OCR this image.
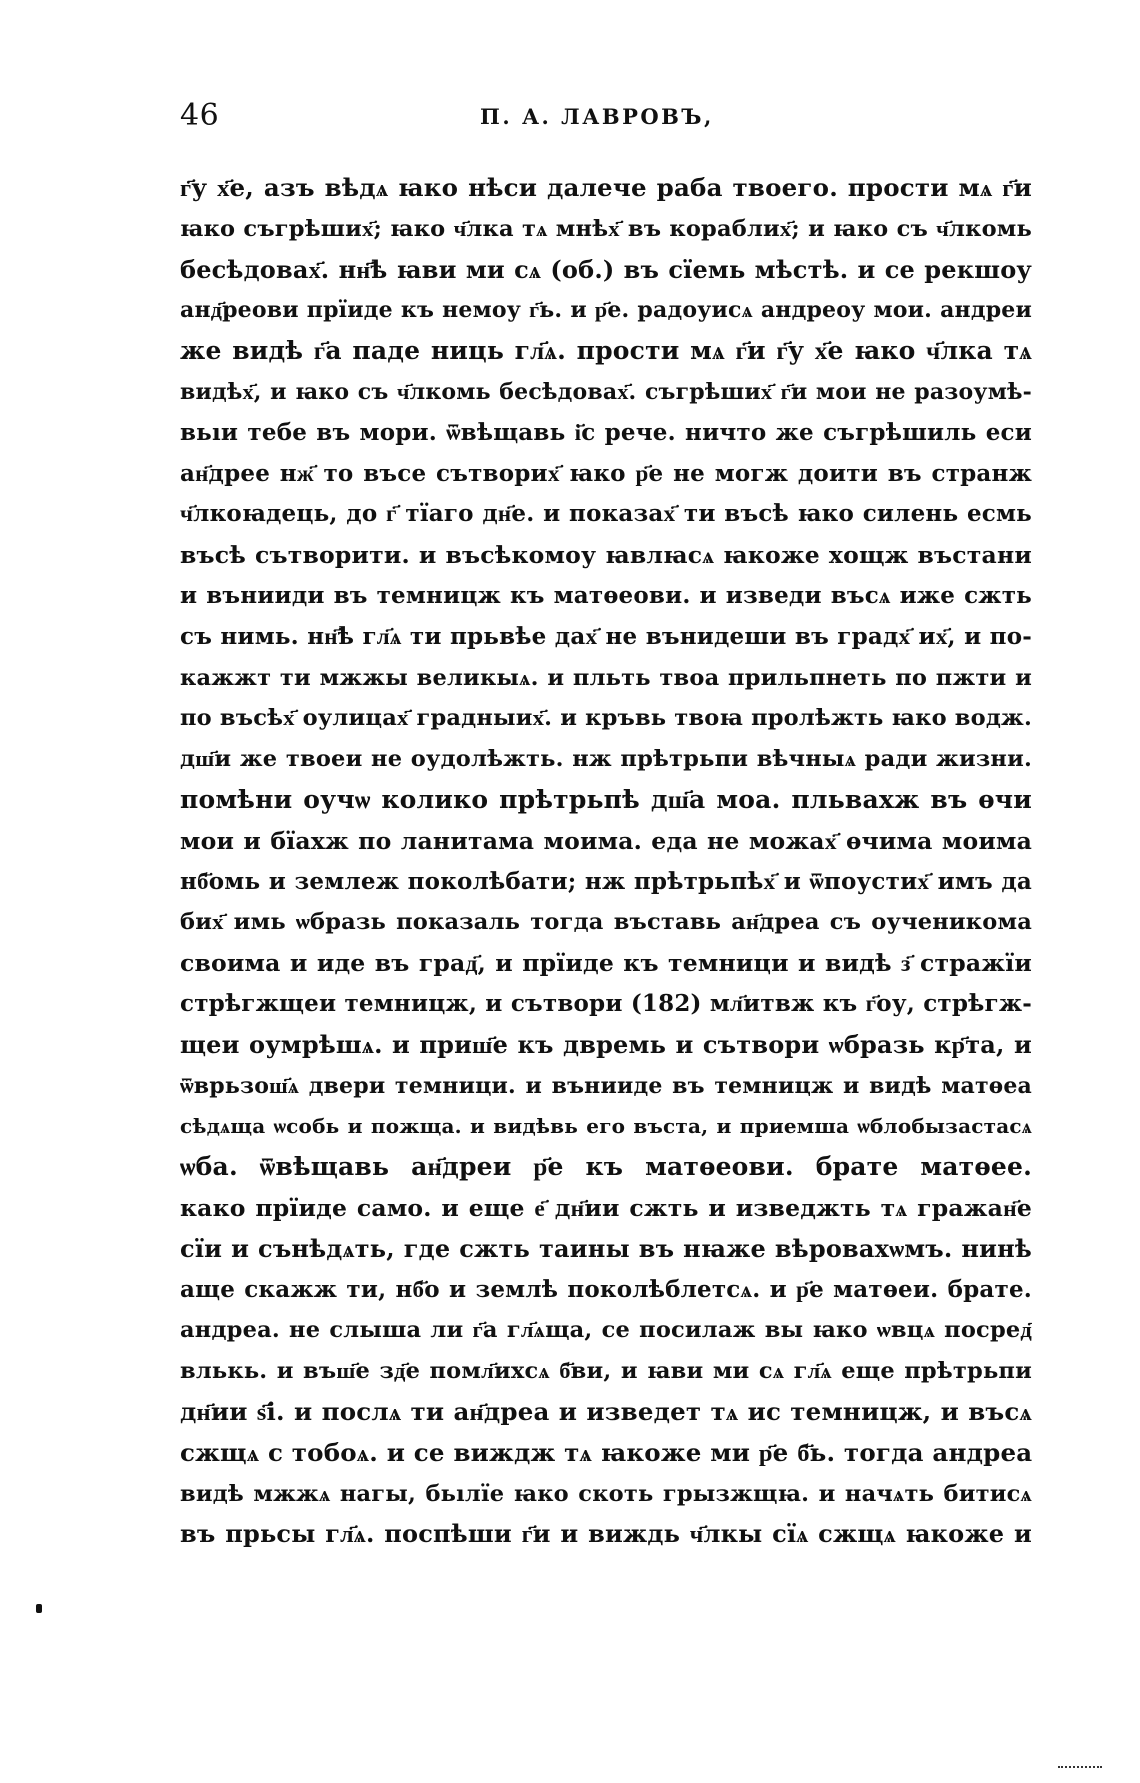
46	П. А. ЛАВРОВЪ,
г҃у х҃е, азъ вѣдѧ ꙗко нѣси далече раба твоего. прости мѧ г҃и
ꙗко съгрѣших҃; ꙗко ч҃лка тѧ мнѣх҃ въ кораблих҃; и ꙗко съ ч҃лкомь
бесѣдовах҃. нн҃ѣ ꙗви ми сѧ (об.) въ сїемь мѣстѣ. и се рекшоу
анд҃реови прїиде къ немоу г҃ь. и р҃е. радоуисѧ андреоу мои. андреи
же видѣ г҃а паде ниць гл҃ѧ. прости мѧ г҃и г҃у х҃е ꙗко ч҃лка тѧ
видѣх҃, и ꙗко съ ч҃лкомь бесѣдовах҃. съгрѣших҃ г҃и мои не разоумѣ-
вьıи тебе въ мори. ѿвѣщавь і҃с рече. ничто же съгрѣшиль еси
ан҃дрее нж҃ то въсе сътворих҃ ꙗко р҃е не могж доити въ странж
ч҃лкоꙗдець, до г҃ тїаго дн҃е. и показах҃ ти въсѣ ꙗко силень есмь
въсѣ сътворити. и въсѣкомоу ꙗвлꙗсѧ ꙗкоже хощж въстани
и вънииди въ темницж къ матѳеови. и изведи въсѧ иже сжть
съ нимь. нн҃ѣ гл҃ѧ ти прьвѣе дах҃ не вънидеши въ градх҃ их҃, и по-
кажжт ти мжжы великыѧ. и пльть твоа прильпнеть по пжти и
по въсѣх҃ оулицах҃ градныих҃. и кръвь твоꙗ пролѣжть ꙗко водж.
дш҃и же твоеи не оудолѣжть. нж прѣтрьпи вѣчныѧ ради жизни.
помѣни оучѡ колико прѣтрьпѣ дш҃а моа. пльвахж въ ѳчи
мои и бїахж по ланитама моима. еда не можах҃ ѳчима моима
нб҃омь и землеж поколѣбати; нж прѣтрьпѣх҃ и ѿпоустих҃ имъ да
бих҃ имь ѡбразь показаль тогда въставь ан҃дреа съ оученикома
своима и иде въ град҃, и прїиде къ темници и видѣ з҃ стражїи
стрѣгжщеи темницж, и сътвори (182) мл҃итвж къ г҃оу, стрѣгж-
щеи оумрѣшѧ. и приш҃е къ двремь и сътвори ѡбразь кр҃та, и
ѿврьзош҃ѧ двери темници. и вънииде въ темницж и видѣ матѳеа
сѣдѧща ѡсобь и пожща. и видѣвь его въста, и приемша ѡблобызастасѧ
ѡба. ѿвѣщавь ан҃дреи р҃е къ матѳеови. брате матѳее.
како прїиде само. и еще е҃ дн҃ии сжть и изведжть тѧ гражан҃е
сїи и сънѣдѧть, где сжть таины въ нꙗже вѣровахѡмъ. нинѣ
аще скажж ти, нб҃о и землѣ поколѣблетсѧ. и р҃е матѳеи. брате.
андреа. не слыша ли г҃а гл҃ѧща, се посилаж вы ꙗко ѡвцѧ посред҃
влькь. и въш҃е зд҃е помл҃ихсѧ б҃ви, и ꙗви ми сѧ гл҃ѧ еще прѣтрьпи
дн҃ии ѕ҃і. и послѧ ти ан҃дреа и изведет тѧ ис темницж, и въсѧ
сжщѧ с тобоѧ. и се виждж тѧ ꙗкоже ми р҃е б҃ь. тогда андреа
видѣ мжжѧ нагы, бьıлїе ꙗко скоть грызжщꙗ. и начѧть битисѧ
въ прьсы гл҃ѧ. поспѣши г҃и и виждь ч҃лкы сїѧ сжщѧ ꙗкоже и
